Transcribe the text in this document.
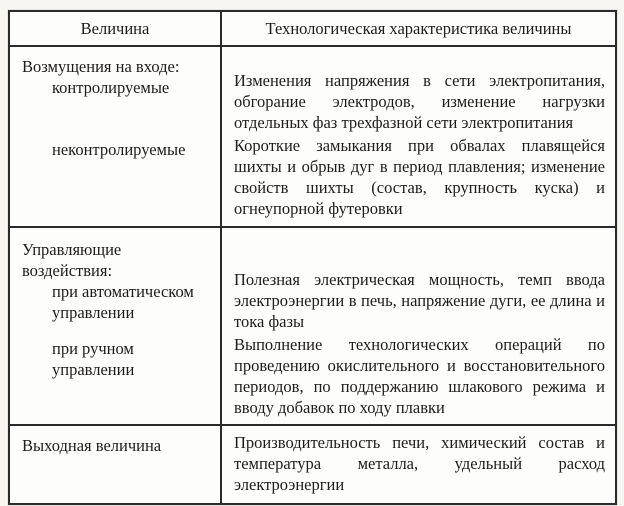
Величина	Технологическая характеристика величины
Возмущения на входе:
контролируемые
неконтролируемые

Изменения напряжения в сети электропитания, обгорание электродов, изменение нагрузки отдельных фаз трехфазной сети электропитания

Короткие замыкания при обвалах плавящейся шихты и обрыв дуг в период плавления; изменение свойств шихты (состав, крупность куска) и огнеупорной футеровки

Управляющие воздействия:
при автоматическом управлении
при ручном управлении

Полезная электрическая мощность, темп ввода электроэнергии в печь, напряжение дуги, ее длина и тока фазы

Выполнение технологических операций по проведению окислительного и восстановительного периодов, по поддержанию шлакового режима и вводу добавок по ходу плавки

Выходная величина	Производительность печи, химический состав и температура металла, удельный расход электроэнергии
